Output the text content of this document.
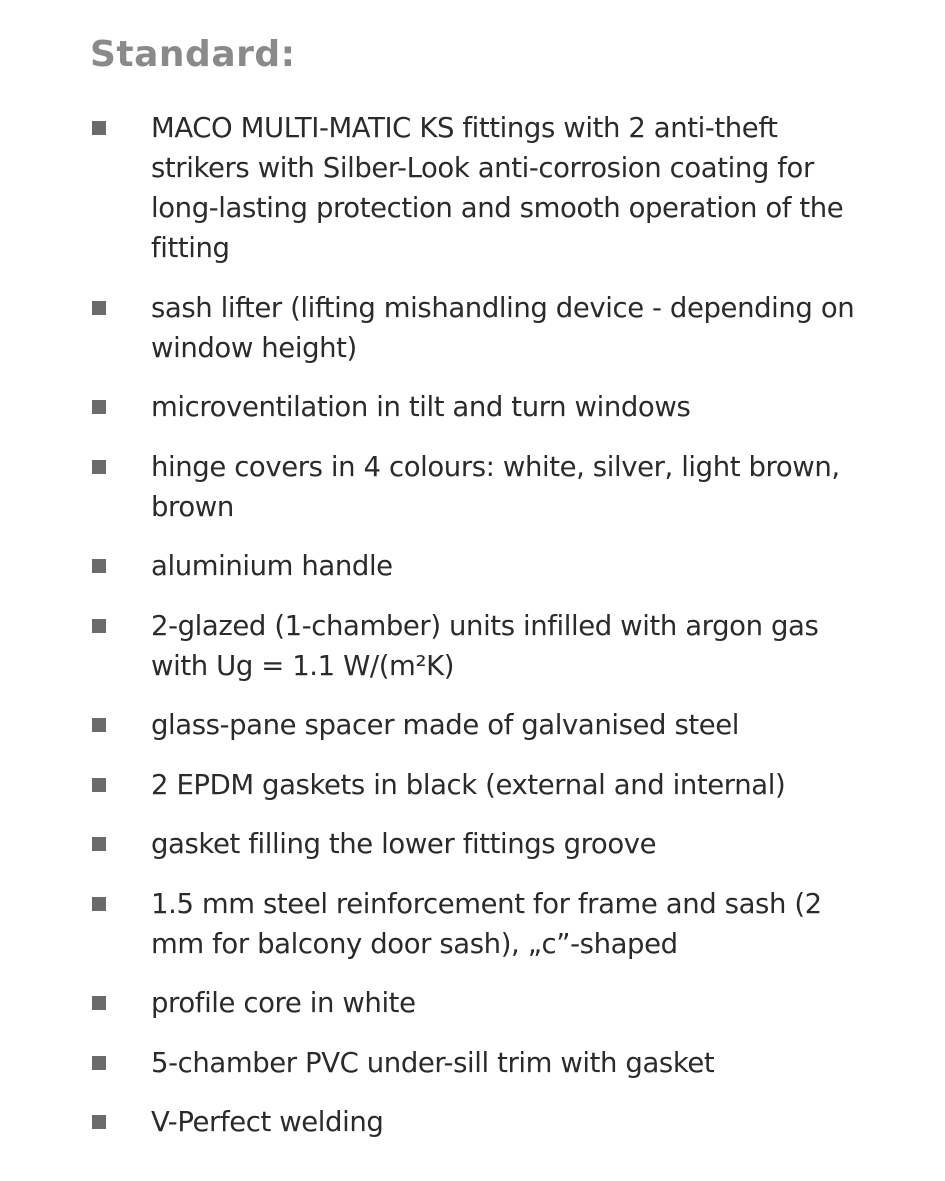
Standard:
MACO MULTI-MATIC KS fittings with 2 anti-theft strikers with Silber-Look anti-corrosion coating for long-lasting protection and smooth operation of the fitting
sash lifter (lifting mishandling device - depending on window height)
microventilation in tilt and turn windows
hinge covers in 4 colours: white, silver, light brown, brown
aluminium handle
2-glazed (1-chamber) units infilled with argon gas with Ug = 1.1 W/(m²K)
glass-pane spacer made of galvanised steel
2 EPDM gaskets in black (external and internal)
gasket filling the lower fittings groove
1.5 mm steel reinforcement for frame and sash (2 mm for balcony door sash), „c”-shaped
profile core in white
5-chamber PVC under-sill trim with gasket
V-Perfect welding
